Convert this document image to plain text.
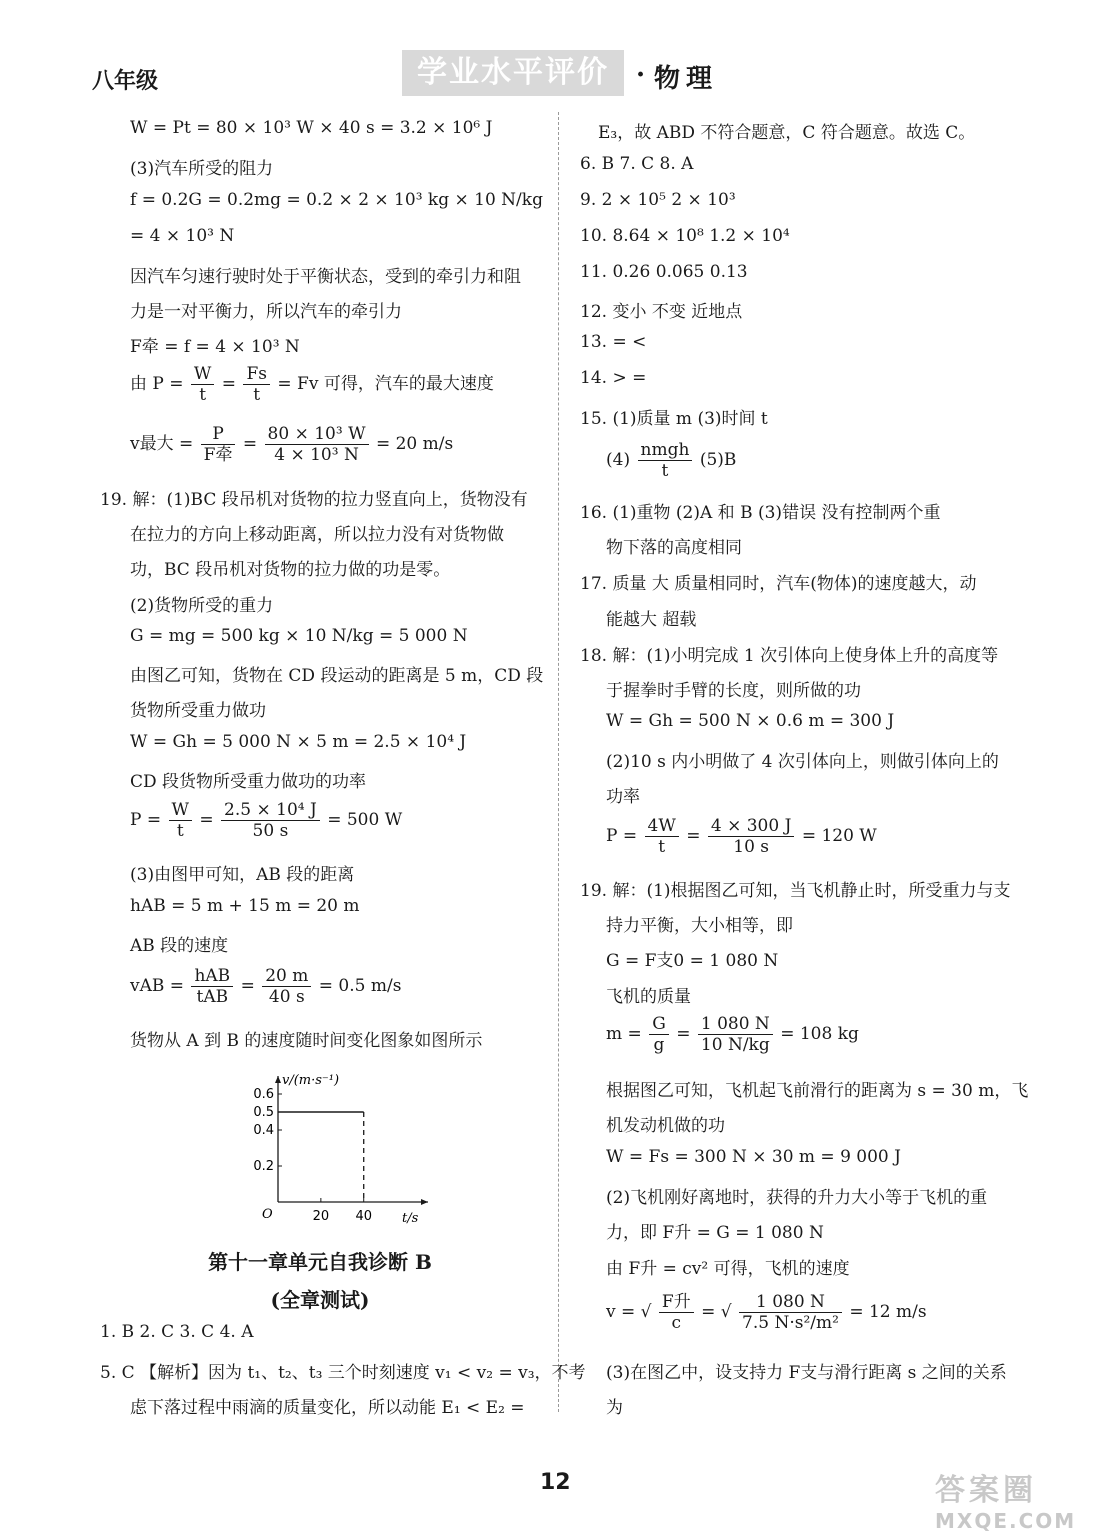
八年级	学业水平评价	· 物理
W = Pt = 80 × 10³ W × 40 s = 3.2 × 10⁶ J
(3)汽车所受的阻力
f = 0.2G = 0.2mg = 0.2 × 2 × 10³ kg × 10 N/kg
= 4 × 10³ N
因汽车匀速行驶时处于平衡状态，受到的牵引力和阻
力是一对平衡力，所以汽车的牵引力
F牵 = f = 4 × 10³ N
由 $P = \frac{W}{t} = \frac{Fs}{t} = Fv$ 可得，汽车的最大速度
v最大 = $\frac{P}{\text{F牵}} = \frac{\text{80 × 10³ W}}{\text{4 × 10³ N}} = 20$ m/s
19. 解：(1)BC 段吊机对货物的拉力竖直向上，货物没有
在拉力的方向上移动距离，所以拉力没有对货物做
功，BC 段吊机对货物的拉力做的功是零。
(2)货物所受的重力
G = mg = 500 kg × 10 N/kg = 5 000 N
由图乙可知，货物在 CD 段运动的距离是 5 m，CD 段
货物所受重力做功
W = Gh = 5 000 N × 5 m = 2.5 × 10⁴ J
CD 段货物所受重力做功的功率
$P = \frac{W}{t} = \frac{\text{2.5 × 10⁴ J}}{50 s} = 500$ W
(3)由图甲可知，AB 段的距离
hAB = 5 m + 15 m = 20 m
AB 段的速度
vAB = $\frac{\text{hAB}}{\text{tAB}} = \frac{20 m}{40 s} = 0.5$ m/s
货物从 A 到 B 的速度随时间变化图象如图所示
v/(m·s⁻¹)
t/s
O	20 40
0.2
0.4
0.5
0.6
第十一章单元自我诊断 B
(全章测试)
1. B 2. C 3. C 4. A
5. C 【解析】因为 t₁、t₂、t₃ 三个时刻速度 v₁ < v₂ = v₃，不考
虑下落过程中雨滴的质量变化，所以动能 E₁ < E₂ =
E₃，故 ABD 不符合题意，C 符合题意。故选 C。
6. B 7. C 8. A
9. 2 × 10⁵ 2 × 10³
10. 8.64 × 10⁸ 1.2 × 10⁴
11. 0.26 0.065 0.13
12. 变小 不变 近地点
13. = <
14. > =
15. (1)质量 m (3)时间 t
$(4) \frac{\text{nmgh}}{t} (5)B$
16. (1)重物 (2)A 和 B (3)错误 没有控制两个重
物下落的高度相同
17. 质量 大 质量相同时，汽车(物体)的速度越大，动
能越大 超载
18. 解：(1)小明完成 1 次引体向上使身体上升的高度等
于握拳时手臂的长度，则所做的功
W = Gh = 500 N × 0.6 m = 300 J
(2)10 s 内小明做了 4 次引体向上，则做引体向上的
功率
$P = \frac{4W}{t} = \frac{4 \times 300 J}{10 s} = 120$ W
19. 解：(1)根据图乙可知，当飞机静止时，所受重力与支
持力平衡，大小相等，即
G = F支0 = 1 080 N
飞机的质量
$m = \frac{G}{g} = \frac{1 080 N}{10 N/kg} = 108$ kg
根据图乙可知，飞机起飞前滑行的距离为 s = 30 m，飞
机发动机做的功
W = Fs = 300 N × 30 m = 9 000 J
(2)飞机刚好离地时，获得的升力大小等于飞机的重
力，即 F升 = G = 1 080 N
由 F升 = cv² 可得，飞机的速度
v = √ $\frac{\text{F升}}{c}$ = √ $\frac{1 080 N}{\text{7.5 N·s²/m²}} = 12$ m/s
(3)在图乙中，设支持力 F支与滑行距离 s 之间的关系
为
12	答案圈
MXQE.COM
